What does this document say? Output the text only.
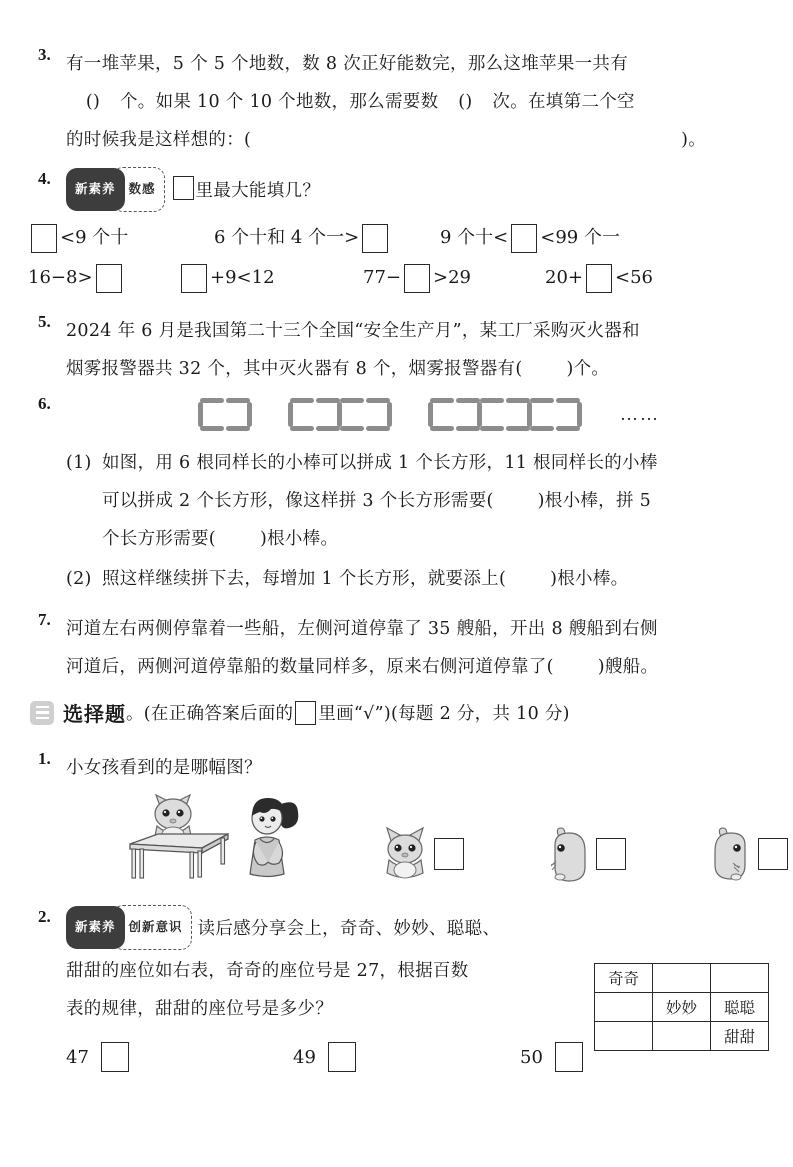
3. 有一堆苹果，5 个 5 个地数，数 8 次正好能数完，那么这堆苹果一共有
( )个。如果 10 个 10 个地数，那么需要数 ( )	次。在填第二个空
的时候我是这样想的：(	)。
4.
新素养 数感 里最大能填几？
<9 个十	6 个十和 4 个一>	9 个十< <99 个一
16−8>	+9<12	77− >29	20+ <56
5. 2024 年 6 月是我国第二十三个全国“安全生产月”，某工厂采购灭火器和
烟雾报警器共 32 个，其中灭火器有 8 个，烟雾报警器有(	)个。
6.	……
(1) 如图，用 6 根同样长的小棒可以拼成 1 个长方形，11 根同样长的小棒
可以拼成 2 个长方形，像这样拼 3 个长方形需要(	)根小棒，拼 5
个长方形需要(	)根小棒。
(2) 照这样继续拼下去，每增加 1 个长方形，就要添上(	)根小棒。
7. 河道左右两侧停靠着一些船，左侧河道停靠了 35 艘船，开出 8 艘船到右侧
河道后，两侧河道停靠船的数量同样多，原来右侧河道停靠了(	)艘船。
选择题 。(在正确答案后面的 里画“√”)(每题 2 分，共 10 分)
1. 小女孩看到的是哪幅图？
2.
新素养 创新意识 读后感分享会上，奇奇、妙妙、聪聪、
甜甜的座位如右表，奇奇的座位号是 27，根据百数
表的规律，甜甜的座位号是多少？
奇奇		
	妙妙	聪聪
		甜甜
47	49	50
